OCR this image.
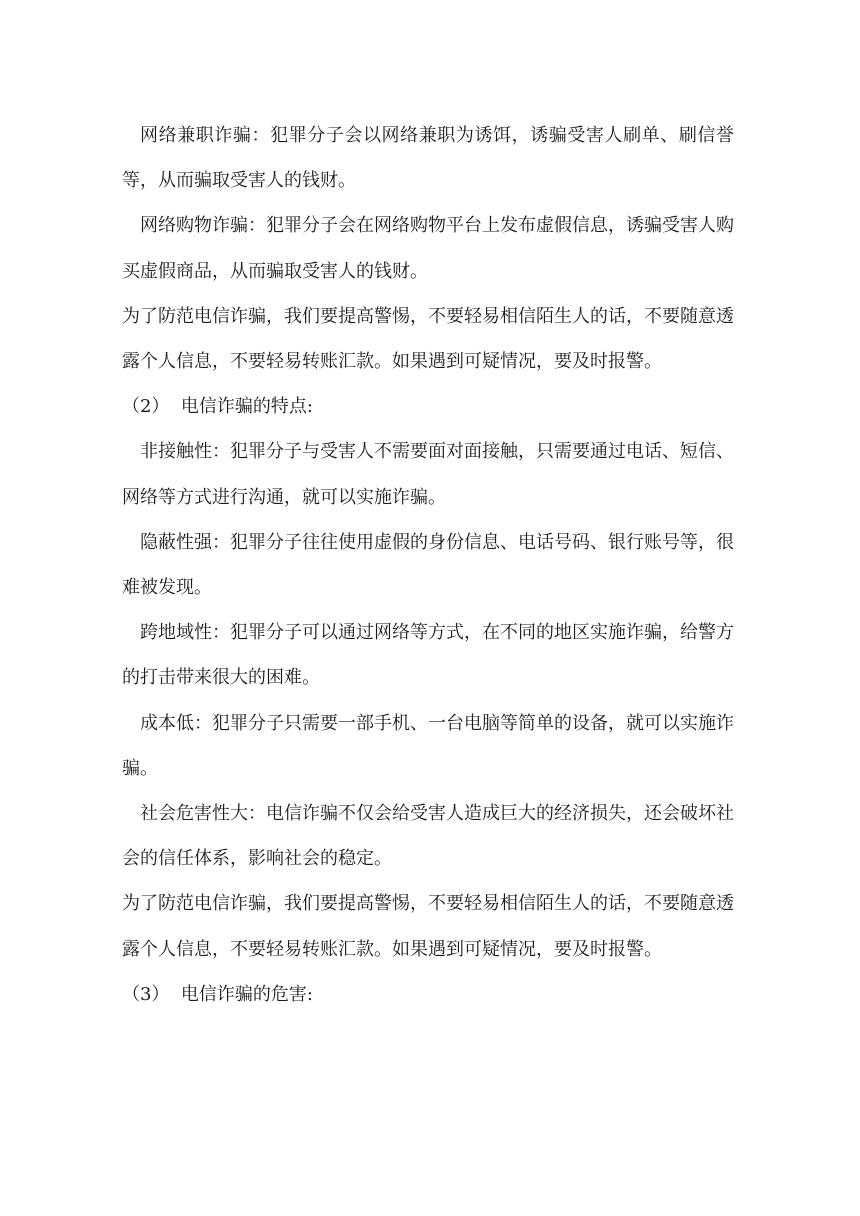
网络兼职诈骗：犯罪分子会以网络兼职为诱饵，诱骗受害人刷单、刷信誉等，从而骗取受害人的钱财。

网络购物诈骗：犯罪分子会在网络购物平台上发布虚假信息，诱骗受害人购买虚假商品，从而骗取受害人的钱财。

为了防范电信诈骗，我们要提高警惕，不要轻易相信陌生人的话，不要随意透露个人信息，不要轻易转账汇款。如果遇到可疑情况，要及时报警。

（2）  电信诈骗的特点:

非接触性：犯罪分子与受害人不需要面对面接触，只需要通过电话、短信、网络等方式进行沟通，就可以实施诈骗。

隐蔽性强：犯罪分子往往使用虚假的身份信息、电话号码、银行账号等，很难被发现。

跨地域性：犯罪分子可以通过网络等方式，在不同的地区实施诈骗，给警方的打击带来很大的困难。

成本低：犯罪分子只需要一部手机、一台电脑等简单的设备，就可以实施诈骗。

社会危害性大：电信诈骗不仅会给受害人造成巨大的经济损失，还会破坏社会的信任体系，影响社会的稳定。

为了防范电信诈骗，我们要提高警惕，不要轻易相信陌生人的话，不要随意透露个人信息，不要轻易转账汇款。如果遇到可疑情况，要及时报警。

（3）  电信诈骗的危害:
